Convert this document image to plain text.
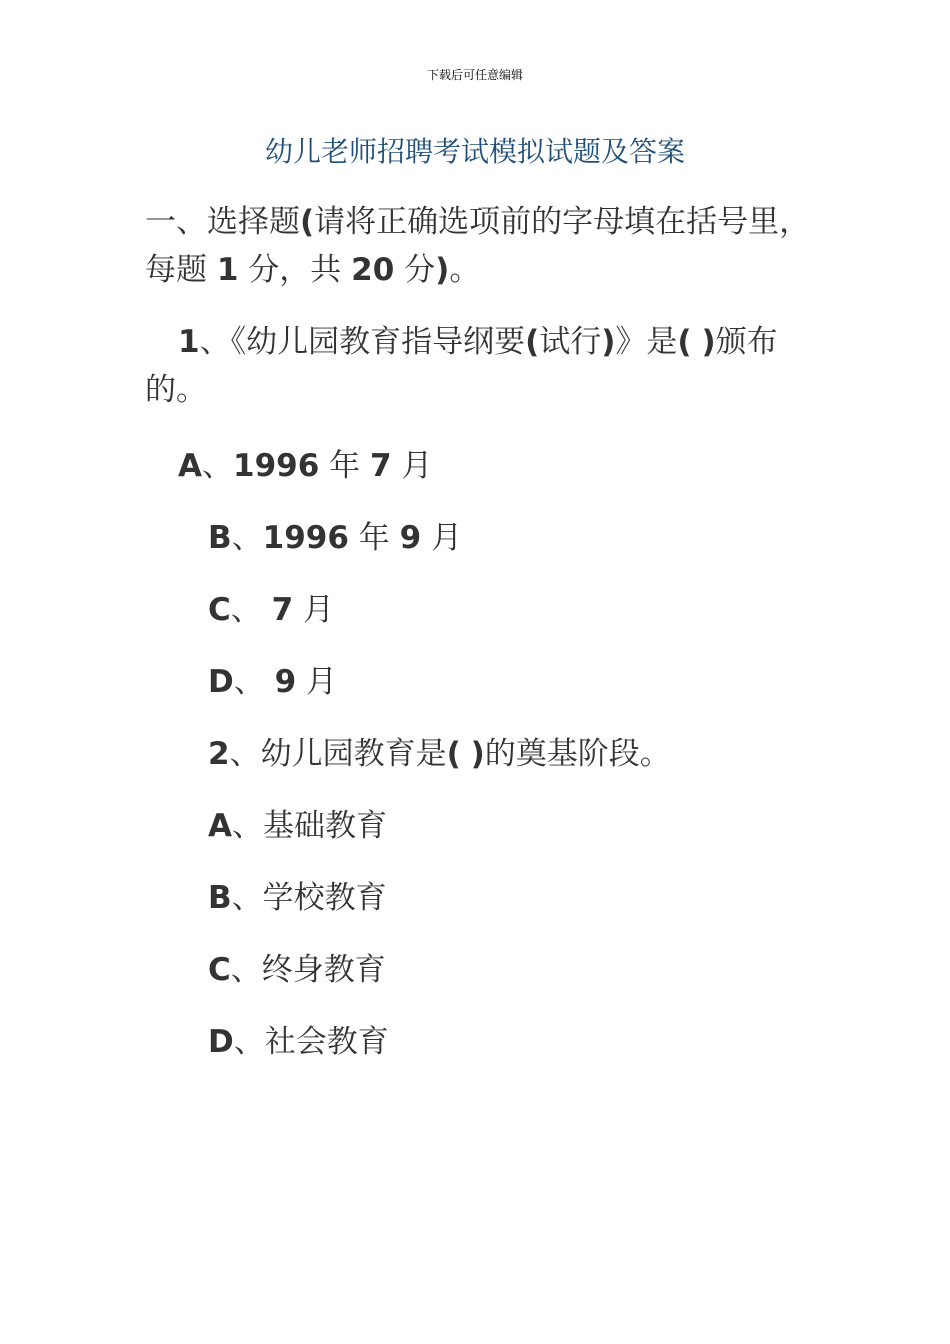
下载后可任意编辑
幼儿老师招聘考试模拟试题及答案
一、选择题(请将正确选项前的字母填在括号里，每题 1 分，共 20 分)。
1、《幼儿园教育指导纲要(试行)》是( )颁布的。
A、1996 年 7 月
B、1996 年 9 月
C、 7 月
D、 9 月
2、幼儿园教育是( )的奠基阶段。
A、基础教育
B、学校教育
C、终身教育
D、社会教育
